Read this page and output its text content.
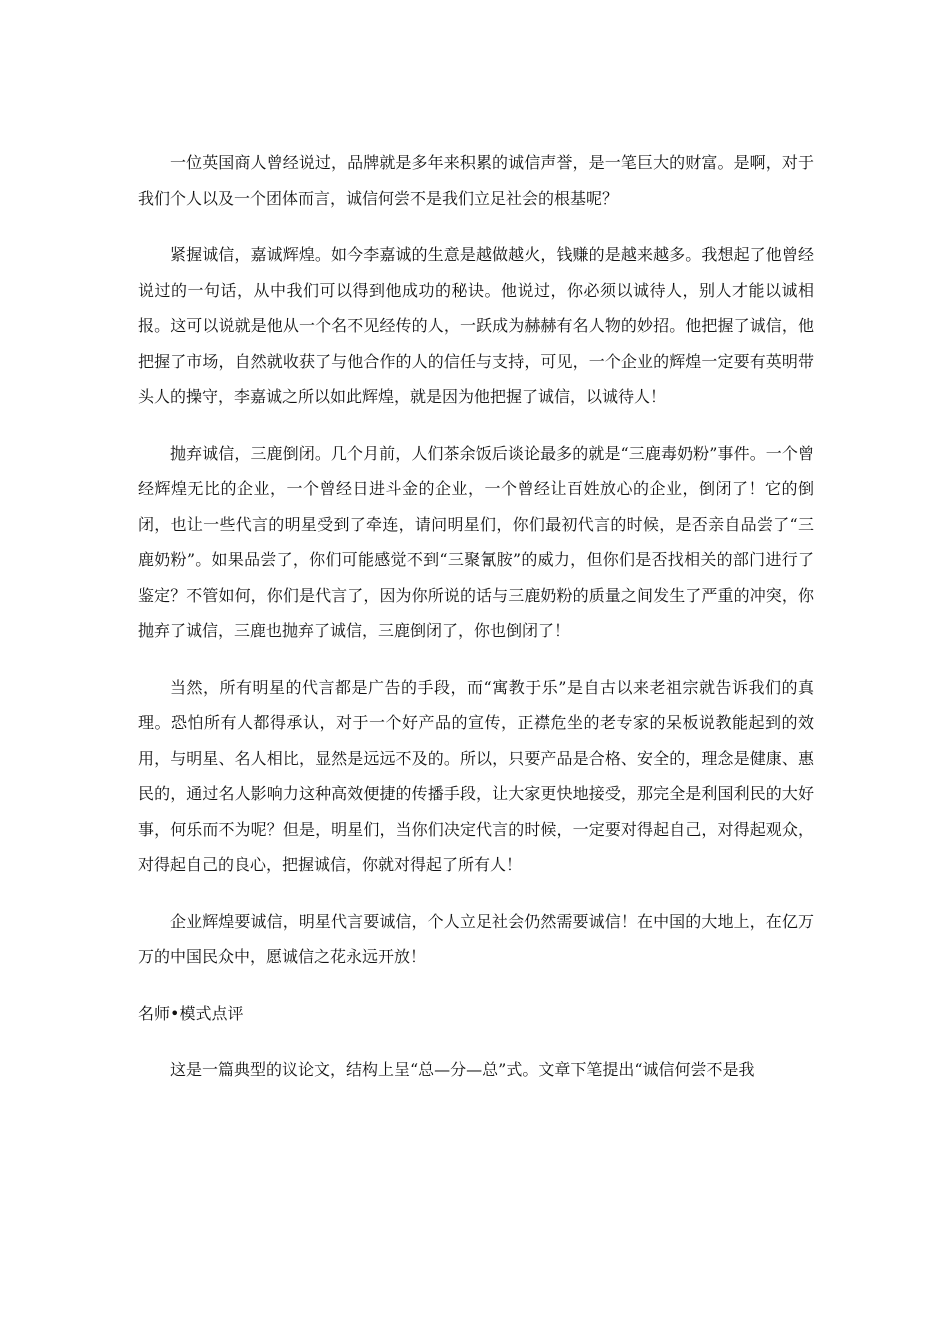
一位英国商人曾经说过，品牌就是多年来积累的诚信声誉，是一笔巨大的财富。是啊，对于我们个人以及一个团体而言，诚信何尝不是我们立足社会的根基呢？

紧握诚信，嘉诚辉煌。如今李嘉诚的生意是越做越火，钱赚的是越来越多。我想起了他曾经说过的一句话，从中我们可以得到他成功的秘诀。他说过，你必须以诚待人，别人才能以诚相报。这可以说就是他从一个名不见经传的人，一跃成为赫赫有名人物的妙招。他把握了诚信，他把握了市场，自然就收获了与他合作的人的信任与支持，可见，一个企业的辉煌一定要有英明带头人的操守，李嘉诚之所以如此辉煌，就是因为他把握了诚信，以诚待人！

抛弃诚信，三鹿倒闭。几个月前，人们茶余饭后谈论最多的就是“三鹿毒奶粉”事件。一个曾经辉煌无比的企业，一个曾经日进斗金的企业，一个曾经让百姓放心的企业，倒闭了！它的倒闭，也让一些代言的明星受到了牵连，请问明星们，你们最初代言的时候，是否亲自品尝了“三鹿奶粉”。如果品尝了，你们可能感觉不到“三聚氰胺”的威力，但你们是否找相关的部门进行了鉴定？不管如何，你们是代言了，因为你所说的话与三鹿奶粉的质量之间发生了严重的冲突，你抛弃了诚信，三鹿也抛弃了诚信，三鹿倒闭了，你也倒闭了！

当然，所有明星的代言都是广告的手段，而“寓教于乐”是自古以来老祖宗就告诉我们的真理。恐怕所有人都得承认，对于一个好产品的宣传，正襟危坐的老专家的呆板说教能起到的效用，与明星、名人相比，显然是远远不及的。所以，只要产品是合格、安全的，理念是健康、惠民的，通过名人影响力这种高效便捷的传播手段，让大家更快地接受，那完全是利国利民的大好事，何乐而不为呢？但是，明星们，当你们决定代言的时候，一定要对得起自己，对得起观众，对得起自己的良心，把握诚信，你就对得起了所有人！

企业辉煌要诚信，明星代言要诚信，个人立足社会仍然需要诚信！在中国的大地上，在亿万万的中国民众中，愿诚信之花永远开放！

名师•模式点评

这是一篇典型的议论文，结构上呈“总—分—总”式。文章下笔提出“诚信何尝不是我
